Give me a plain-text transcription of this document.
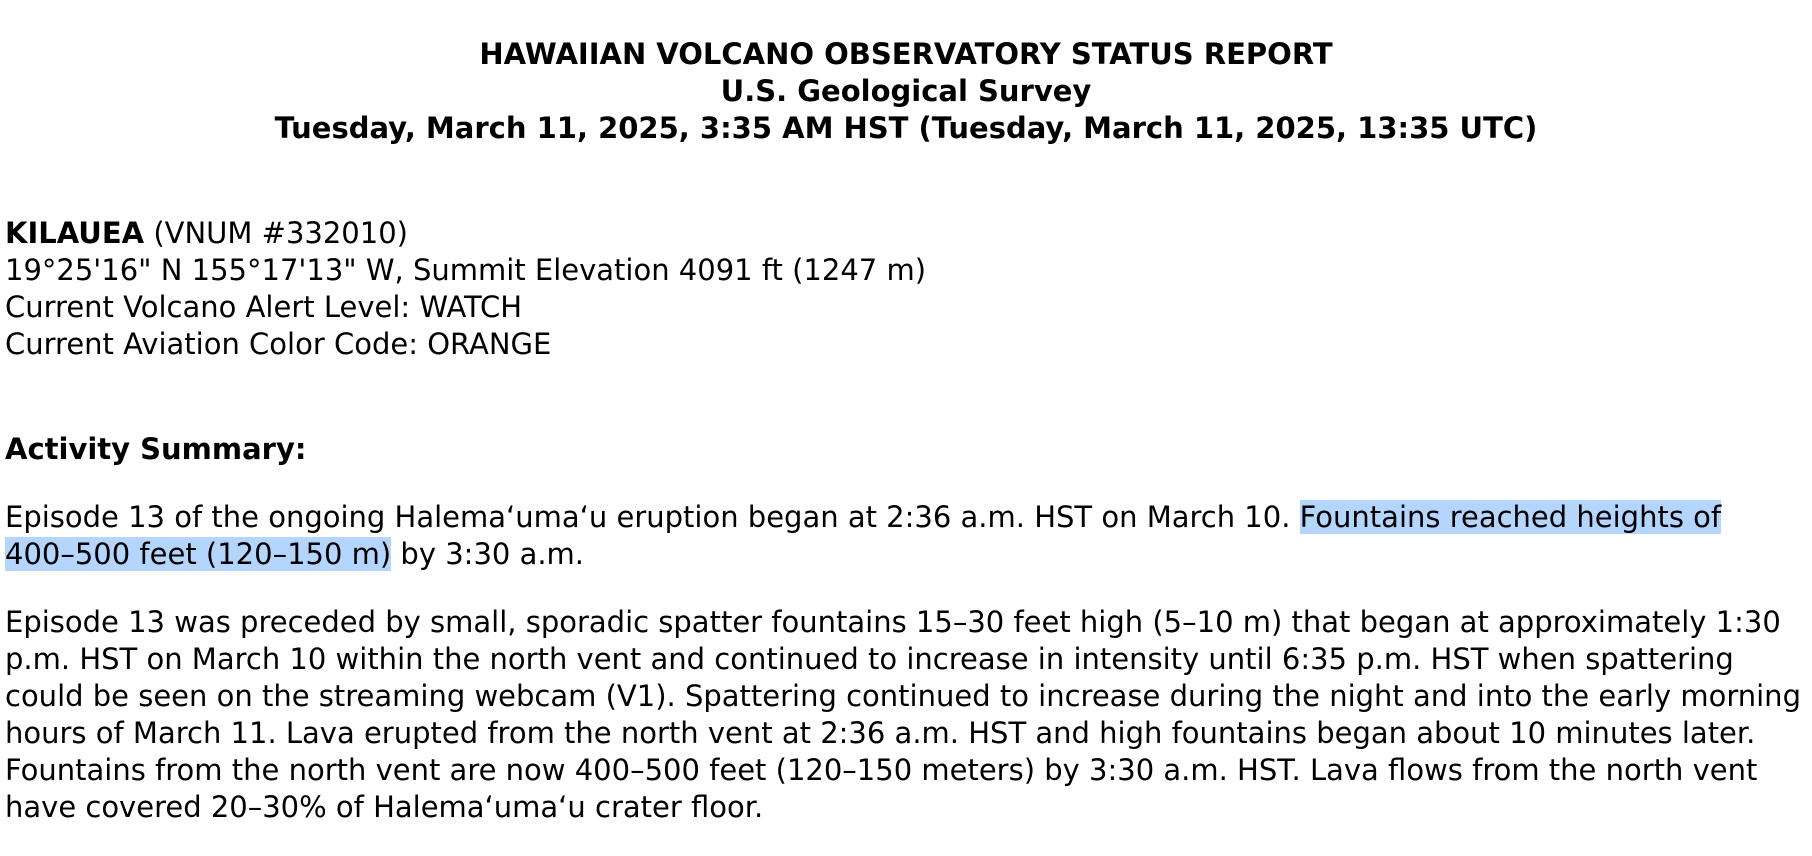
HAWAIIAN VOLCANO OBSERVATORY STATUS REPORT
U.S. Geological Survey
Tuesday, March 11, 2025, 3:35 AM HST (Tuesday, March 11, 2025, 13:35 UTC)
KILAUEA (VNUM #332010)
19°25'16" N 155°17'13" W, Summit Elevation 4091 ft (1247 m)
Current Volcano Alert Level: WATCH
Current Aviation Color Code: ORANGE
Activity Summary:
Episode 13 of the ongoing Halemaʻumaʻu eruption began at 2:36 a.m. HST on March 10. Fountains reached heights of
400–500 feet (120–150 m) by 3:30 a.m.
Episode 13 was preceded by small, sporadic spatter fountains 15–30 feet high (5–10 m) that began at approximately 1:30
p.m. HST on March 10 within the north vent and continued to increase in intensity until 6:35 p.m. HST when spattering
could be seen on the streaming webcam (V1). Spattering continued to increase during the night and into the early morning
hours of March 11. Lava erupted from the north vent at 2:36 a.m. HST and high fountains began about 10 minutes later.
Fountains from the north vent are now 400–500 feet (120–150 meters) by 3:30 a.m. HST. Lava flows from the north vent
have covered 20–30% of Halemaʻumaʻu crater floor.
